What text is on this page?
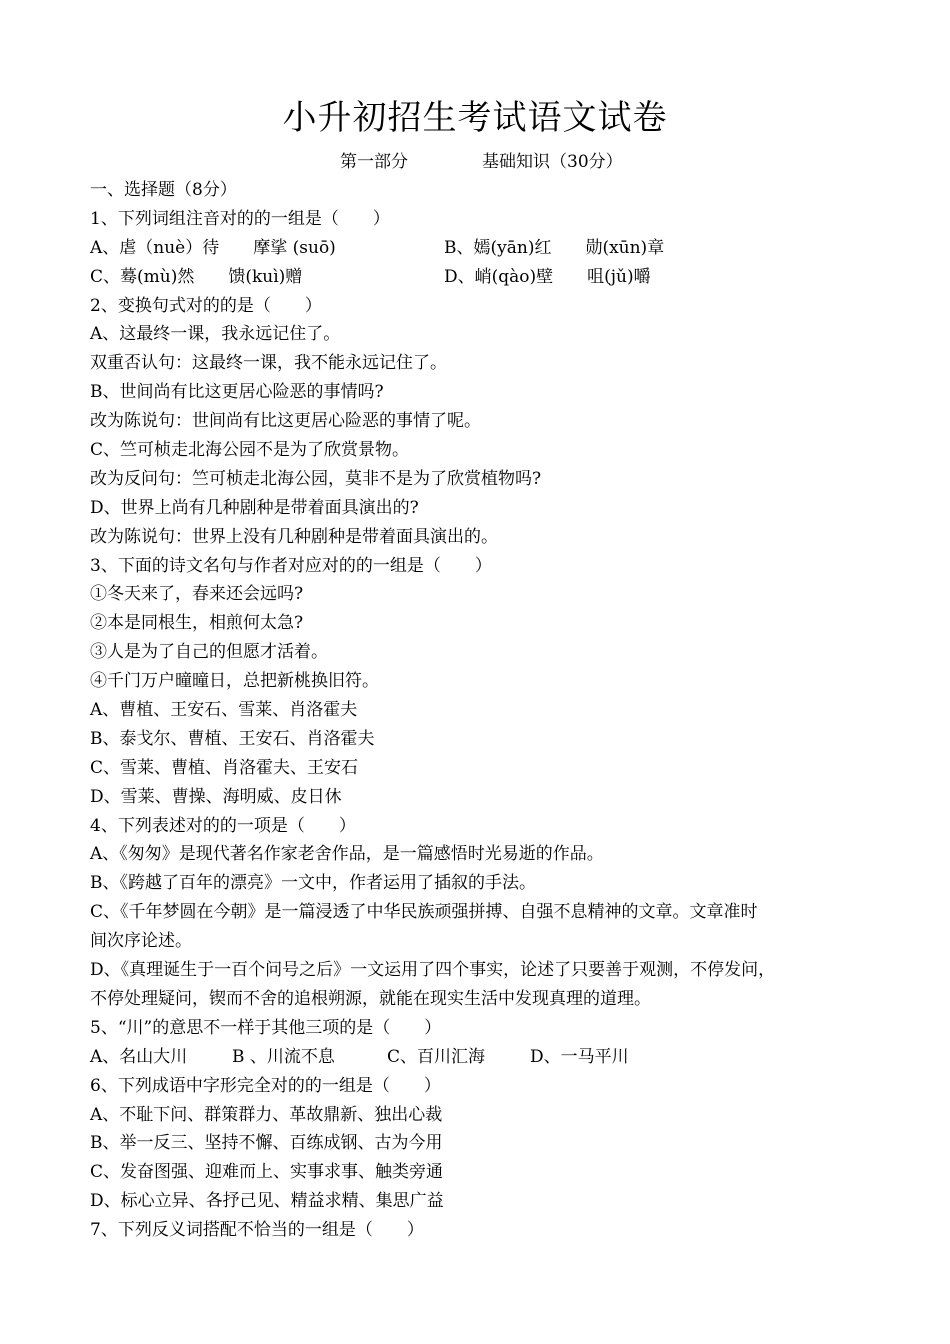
小升初招生考试语文试卷
第一部分	基础知识（30分）
一、选择题（8分）
1、下列词组注音对的的一组是（　　）
A、虐（nuè）待　　摩挲 (suō)	B、嫣(yān)红　　勋(xūn)章
C、蓦(mù)然　　馈(kuì)赠	D、峭(qào)壁　　咀(jǔ)嚼
2、变换句式对的的是（　　）
A、这最终一课，我永远记住了。
双重否认句：这最终一课，我不能永远记住了。
B、世间尚有比这更居心险恶的事情吗?
改为陈说句：世间尚有比这更居心险恶的事情了呢。
C、竺可桢走北海公园不是为了欣赏景物。
改为反问句：竺可桢走北海公园，莫非不是为了欣赏植物吗?
D、世界上尚有几种剧种是带着面具演出的?
改为陈说句：世界上没有几种剧种是带着面具演出的。
3、下面的诗文名句与作者对应对的的一组是（　　）
①冬天来了，春来还会远吗?
②本是同根生，相煎何太急?
③人是为了自己的但愿才活着。
④千门万户曈曈日，总把新桃换旧符。
A、曹植、王安石、雪莱、肖洛霍夫
B、泰戈尔、曹植、王安石、肖洛霍夫
C、雪莱、曹植、肖洛霍夫、王安石
D、雪莱、曹操、海明威、皮日休
4、下列表述对的的一项是（　　）
A、《匆匆》是现代著名作家老舍作品，是一篇感悟时光易逝的作品。
B、《跨越了百年的漂亮》一文中，作者运用了插叙的手法。
C、《千年梦圆在今朝》是一篇浸透了中华民族顽强拼搏、自强不息精神的文章。文章准时
间次序论述。
D、《真理诞生于一百个问号之后》一文运用了四个事实，论述了只要善于观测，不停发问，
不停处理疑问，锲而不舍的追根朔源，就能在现实生活中发现真理的道理。
5、“川”的意思不一样于其他三项的是（　　）
A、名山大川	B 、川流不息	C、百川汇海	D、一马平川
6、下列成语中字形完全对的的一组是（　　）
A、不耻下问、群策群力、革故鼎新、独出心裁
B、举一反三、坚持不懈、百练成钢、古为今用
C、发奋图强、迎难而上、实事求事、触类旁通
D、标心立异、各抒己见、精益求精、集思广益
7、下列反义词搭配不恰当的一组是（　　）
